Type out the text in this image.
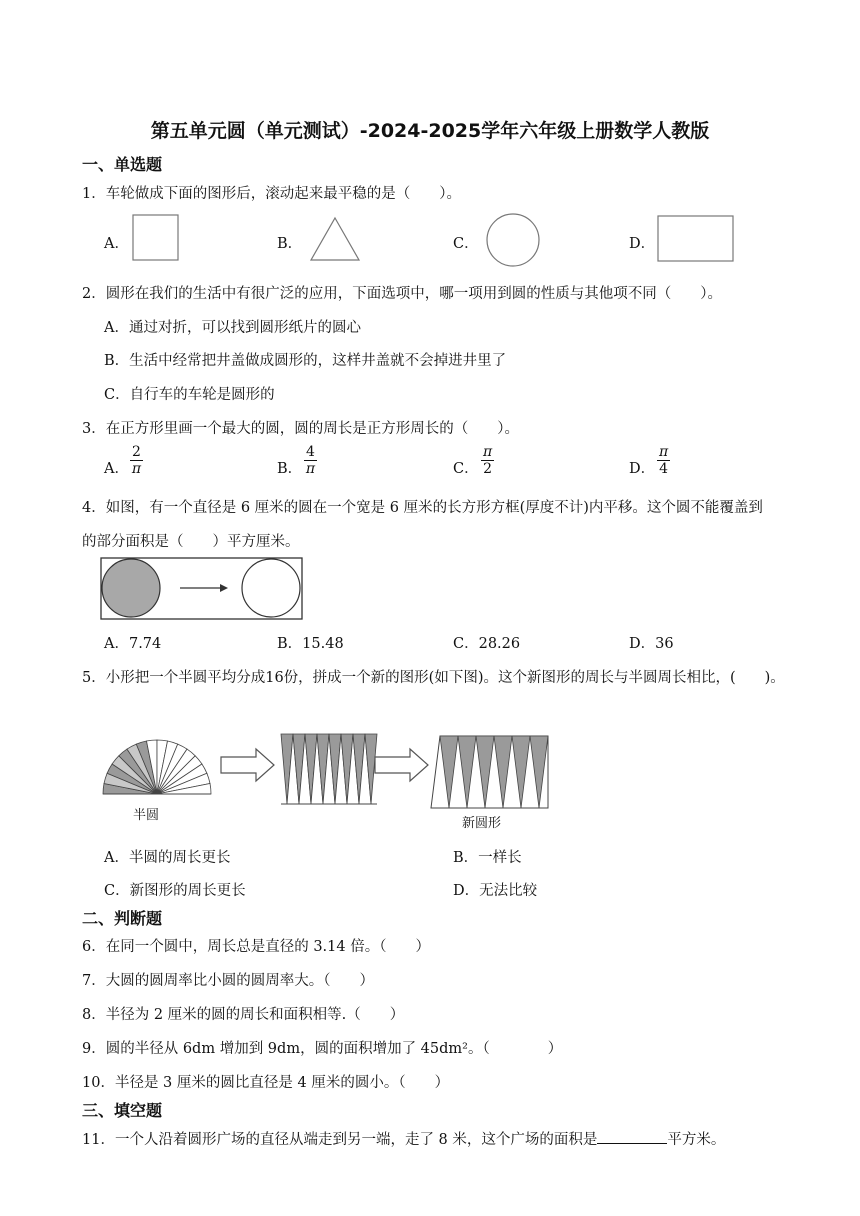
第五单元圆（单元测试）-2024-2025学年六年级上册数学人教版
一、单选题
1．车轮做成下面的图形后，滚动起来最平稳的是（　　）。
A．	B．	C．	D．
2．圆形在我们的生活中有很广泛的应用，下面选项中，哪一项用到圆的性质与其他项不同（　　）。
A．通过对折，可以找到圆形纸片的圆心
B．生活中经常把井盖做成圆形的，这样井盖就不会掉进井里了
C．自行车的车轮是圆形的
3．在正方形里画一个最大的圆，圆的周长是正方形周长的（　　）。
A． $\frac{2}{\pi}$	B． $\frac{4}{\pi}$	C． $\frac{\pi}{2}$	D． $\frac{\pi}{4}$
4．如图，有一个直径是 6 厘米的圆在一个宽是 6 厘米的长方形方框(厚度不计)内平移。这个圆不能覆盖到
的部分面积是（　　）平方厘米。
A．7.74	B．15.48	C．28.26	D．36
5．小形把一个半圆平均分成16份，拼成一个新的图形(如下图)。这个新图形的周长与半圆周长相比，(　　)。
半圆
新圆形
A．半圆的周长更长	B．一样长
C．新图形的周长更长	D．无法比较
二、判断题
6．在同一个圆中，周长总是直径的 3.14 倍。（　　）
7．大圆的圆周率比小圆的圆周率大。（　　）
8．半径为 2 厘米的圆的周长和面积相等.（　　）
9．圆的半径从 6dm 增加到 9dm，圆的面积增加了 45dm²。（　　　　）
10．半径是 3 厘米的圆比直径是 4 厘米的圆小。（　　）
三、填空题
11．一个人沿着圆形广场的直径从端走到另一端，走了 8 米，这个广场的面积是	平方米。
